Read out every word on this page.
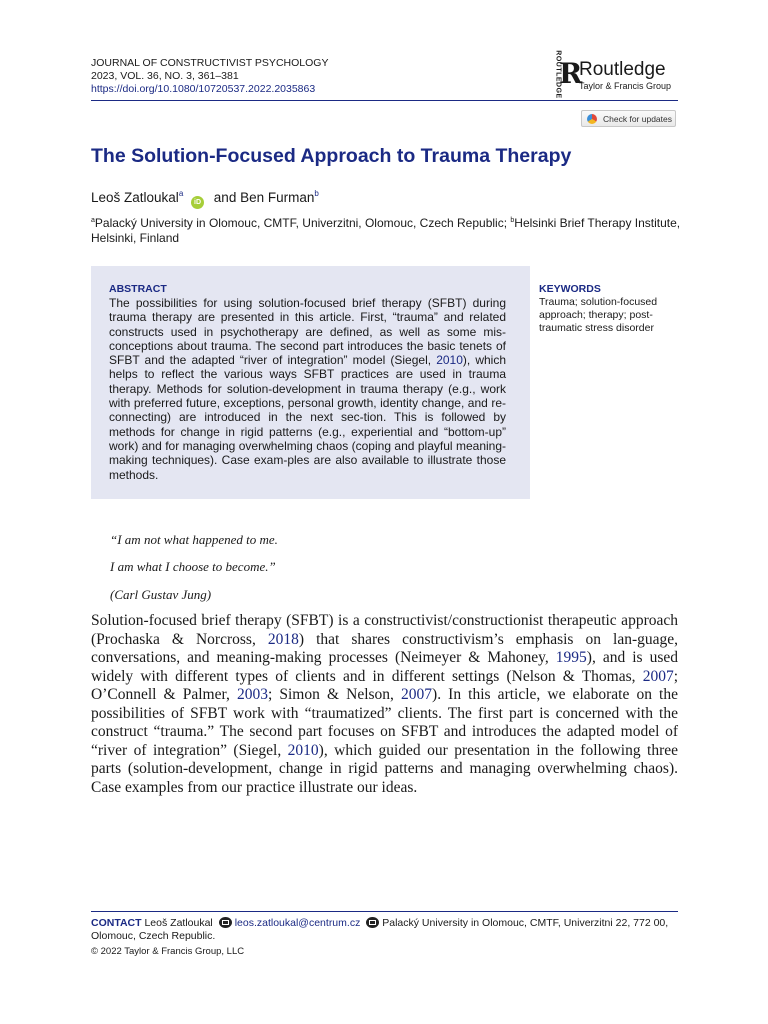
JOURNAL OF CONSTRUCTIVIST PSYCHOLOGY
2023, VOL. 36, NO. 3, 361–381
https://doi.org/10.1080/10720537.2022.2035863	ROUTLEDGE
R
Routledge
Taylor & Francis Group
Check for updates
The Solution-Focused Approach to Trauma Therapy
Leoš Zatloukal$^a$ iD and Ben Furman$^b$
$^a$Palacký University in Olomouc, CMTF, Univerzitni, Olomouc, Czech Republic; $^b$Helsinki Brief Therapy Institute, Helsinki, Finland
ABSTRACT
The possibilities for using solution-focused brief therapy (SFBT) during trauma therapy are presented in this article. First, “trauma” and related constructs used in psychotherapy are defined, as well as some mis-conceptions about trauma. The second part introduces the basic tenets of SFBT and the adapted “river of integration” model (Siegel, 2010), which helps to reflect the various ways SFBT practices are used in trauma therapy. Methods for solution-development in trauma therapy (e.g., work with preferred future, exceptions, personal growth, identity change, and re-connecting) are introduced in the next sec-tion. This is followed by methods for change in rigid patterns (e.g., experiential and “bottom-up” work) and for managing overwhelming chaos (coping and playful meaning-making techniques). Case exam-ples are also available to illustrate those methods.
KEYWORDS
Trauma; solution-focused approach; therapy; post-traumatic stress disorder
“I am not what happened to me.
I am what I choose to become.”
(Carl Gustav Jung)
Solution-focused brief therapy (SFBT) is a constructivist/constructionist therapeutic approach (Prochaska & Norcross, 2018) that shares constructivism’s emphasis on lan-guage, conversations, and meaning-making processes (Neimeyer & Mahoney, 1995), and is used widely with different types of clients and in different settings (Nelson & Thomas, 2007; O’Connell & Palmer, 2003; Simon & Nelson, 2007). In this article, we elaborate on the possibilities of SFBT work with “traumatized” clients. The first part is concerned with the construct “trauma.” The second part focuses on SFBT and introduces the adapted model of “river of integration” (Siegel, 2010), which guided our presentation in the following three parts (solution-development, change in rigid patterns and managing overwhelming chaos). Case examples from our practice illustrate our ideas.
CONTACT Leoš Zatloukal leos.zatloukal@centrum.cz Palacký University in Olomouc, CMTF, Univerzitni 22, 772 00, Olomouc, Czech Republic.
© 2022 Taylor & Francis Group, LLC
